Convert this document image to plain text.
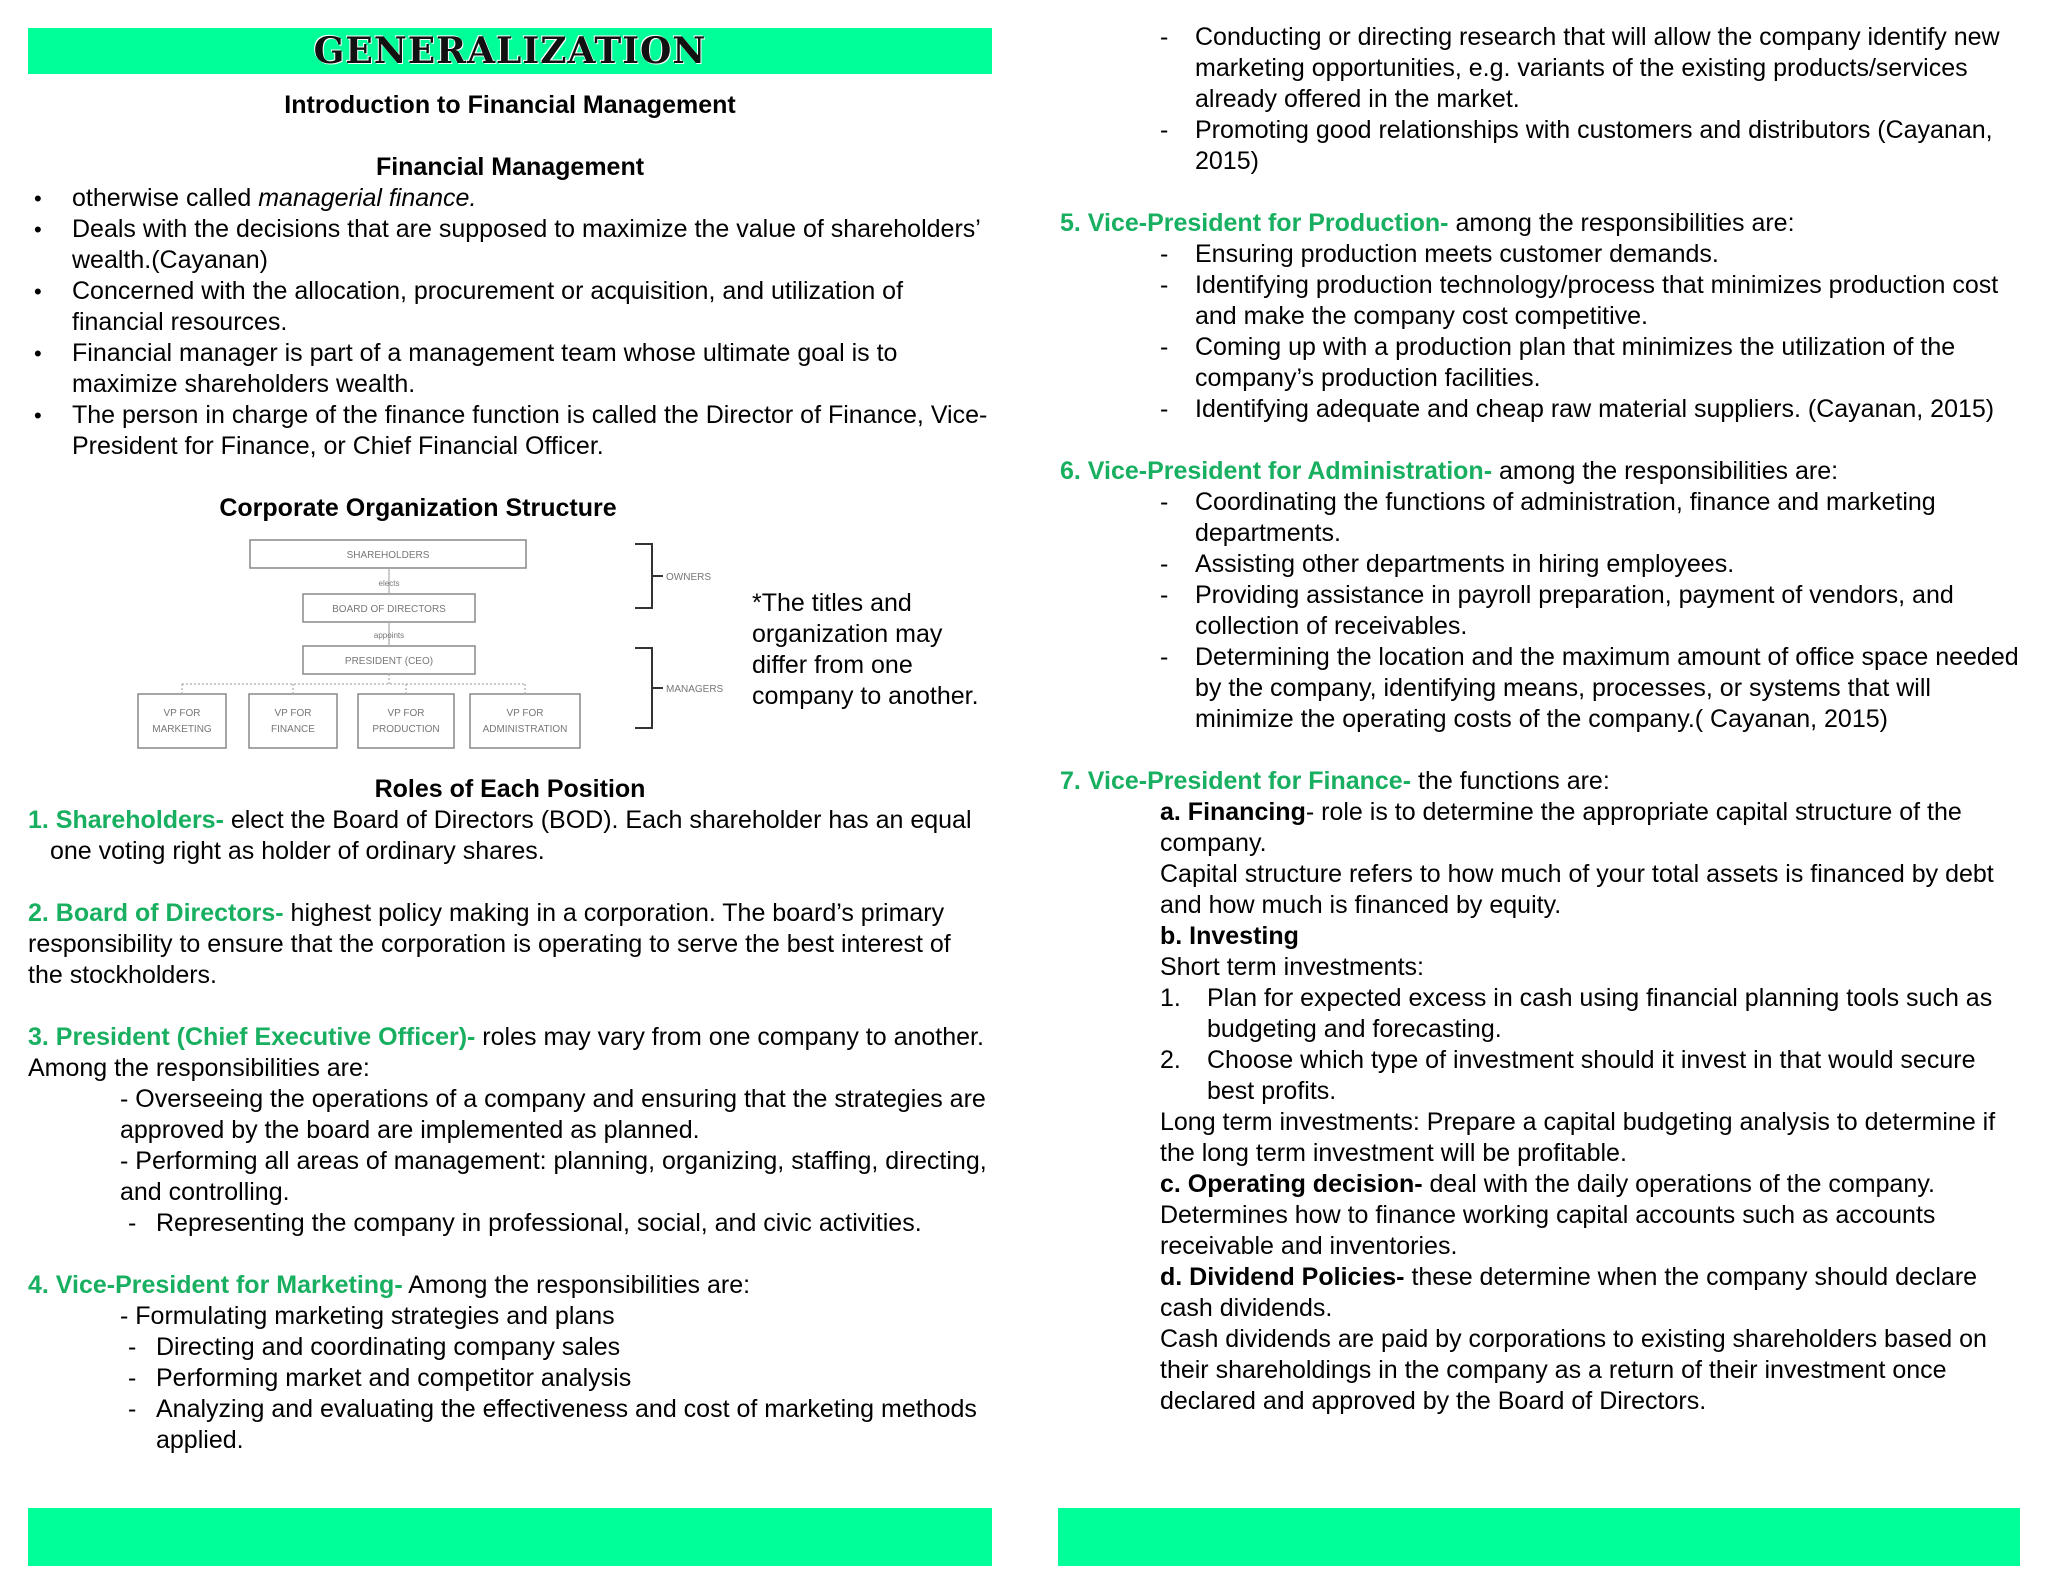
GENERALIZATION
Introduction to Financial Management
Financial Management
• otherwise called managerial finance.
• Deals with the decisions that are supposed to maximize the value of shareholders’ wealth.(Cayanan)
• Concerned with the allocation, procurement or acquisition, and utilization of financial resources.
• Financial manager is part of a management team whose ultimate goal is to maximize shareholders wealth.
• The person in charge of the finance function is called the Director of Finance, Vice-President for Finance, or Chief Financial Officer.
Corporate Organization Structure
SHAREHOLDERS
elects
BOARD OF DIRECTORS
appoints
PRESIDENT (CEO)
VP FOR
MARKETING
VP FOR
FINANCE
VP FOR
PRODUCTION
VP FOR
ADMINISTRATION
OWNERS
MANAGERS
*The titles and organization may differ from one company to another.
Roles of Each Position
1. Shareholders- elect the Board of Directors (BOD). Each shareholder has an equal one voting right as holder of ordinary shares.
2. Board of Directors- highest policy making in a corporation. The board’s primary responsibility to ensure that the corporation is operating to serve the best interest of the stockholders.
3. President (Chief Executive Officer)- roles may vary from one company to another. Among the responsibilities are:
- Overseeing the operations of a company and ensuring that the strategies are approved by the board are implemented as planned.
- Performing all areas of management: planning, organizing, staffing, directing, and controlling.
- Representing the company in professional, social, and civic activities.
4. Vice-President for Marketing- Among the responsibilities are:
- Formulating marketing strategies and plans
- Directing and coordinating company sales
- Performing market and competitor analysis
- Analyzing and evaluating the effectiveness and cost of marketing methods applied.
- Conducting or directing research that will allow the company identify new marketing opportunities, e.g. variants of the existing products/services already offered in the market.
- Promoting good relationships with customers and distributors (Cayanan, 2015)
5. Vice-President for Production- among the responsibilities are:
- Ensuring production meets customer demands.
- Identifying production technology/process that minimizes production cost and make the company cost competitive.
- Coming up with a production plan that minimizes the utilization of the company’s production facilities.
- Identifying adequate and cheap raw material suppliers. (Cayanan, 2015)
6. Vice-President for Administration- among the responsibilities are:
- Coordinating the functions of administration, finance and marketing departments.
- Assisting other departments in hiring employees.
- Providing assistance in payroll preparation, payment of vendors, and collection of receivables.
- Determining the location and the maximum amount of office space needed by the company, identifying means, processes, or systems that will minimize the operating costs of the company.( Cayanan, 2015)
7. Vice-President for Finance- the functions are:
a. Financing- role is to determine the appropriate capital structure of the company.
Capital structure refers to how much of your total assets is financed by debt and how much is financed by equity.
b. Investing
Short term investments:
1. Plan for expected excess in cash using financial planning tools such as budgeting and forecasting.
2. Choose which type of investment should it invest in that would secure best profits.
Long term investments: Prepare a capital budgeting analysis to determine if the long term investment will be profitable.
c. Operating decision- deal with the daily operations of the company.
Determines how to finance working capital accounts such as accounts receivable and inventories.
d. Dividend Policies- these determine when the company should declare cash dividends.
Cash dividends are paid by corporations to existing shareholders based on their shareholdings in the company as a return of their investment once declared and approved by the Board of Directors.
